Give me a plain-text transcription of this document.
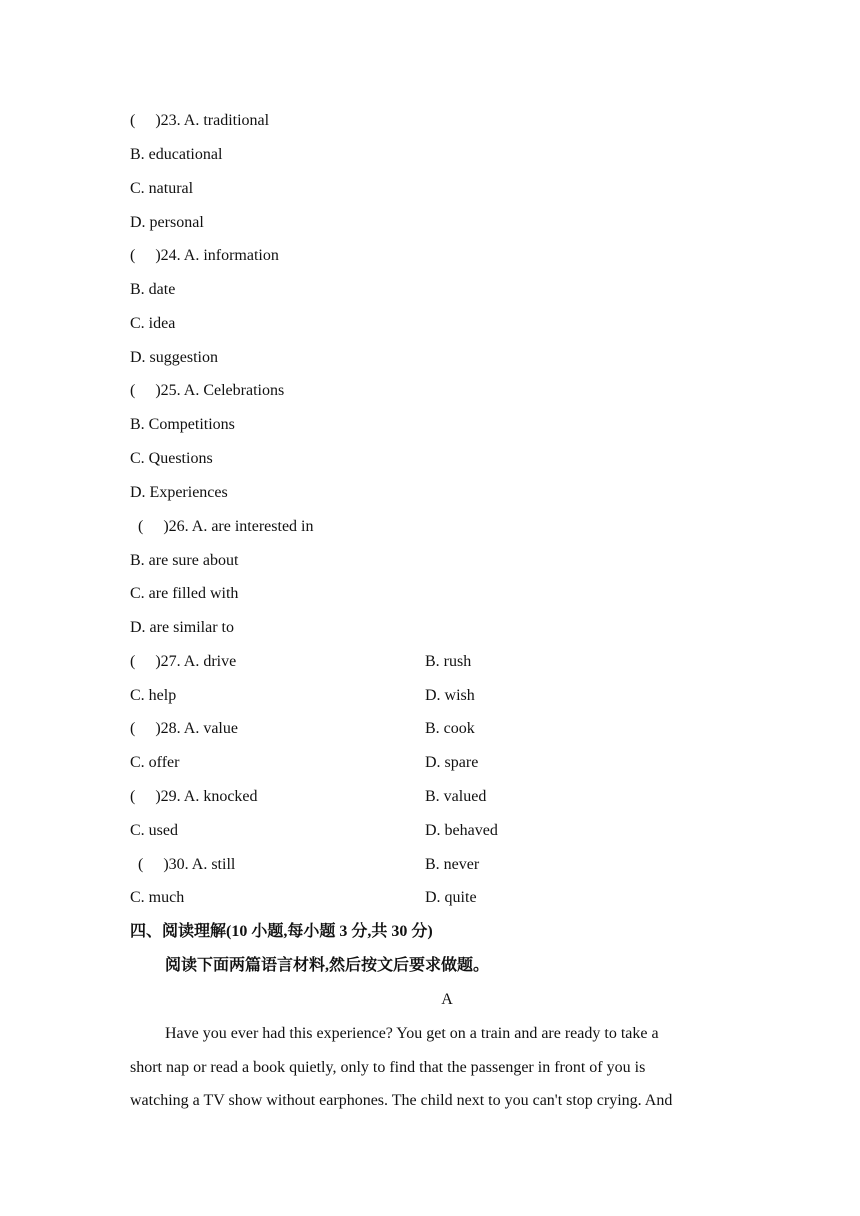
(     )23. A. traditional
B. educational
C. natural
D. personal
(     )24. A. information
B. date
C. idea
D. suggestion
(     )25. A. Celebrations
B. Competitions
C. Questions
D. Experiences
(     )26. A. are interested in
B. are sure about
C. are filled with
D. are similar to
(     )27. A. drive	B. rush
C. help	D. wish
(     )28. A. value	B. cook
C. offer	D. spare
(     )29. A. knocked	B. valued
C. used	D. behaved
(     )30. A. still	B. never
C. much	D. quite
四、阅读理解(10 小题,每小题 3 分,共 30 分)
阅读下面两篇语言材料,然后按文后要求做题。
A
Have you ever had this experience? You get on a train and are ready to take a
short nap or read a book quietly, only to find that the passenger in front of you is
watching a TV show without earphones. The child next to you can't stop crying. And
